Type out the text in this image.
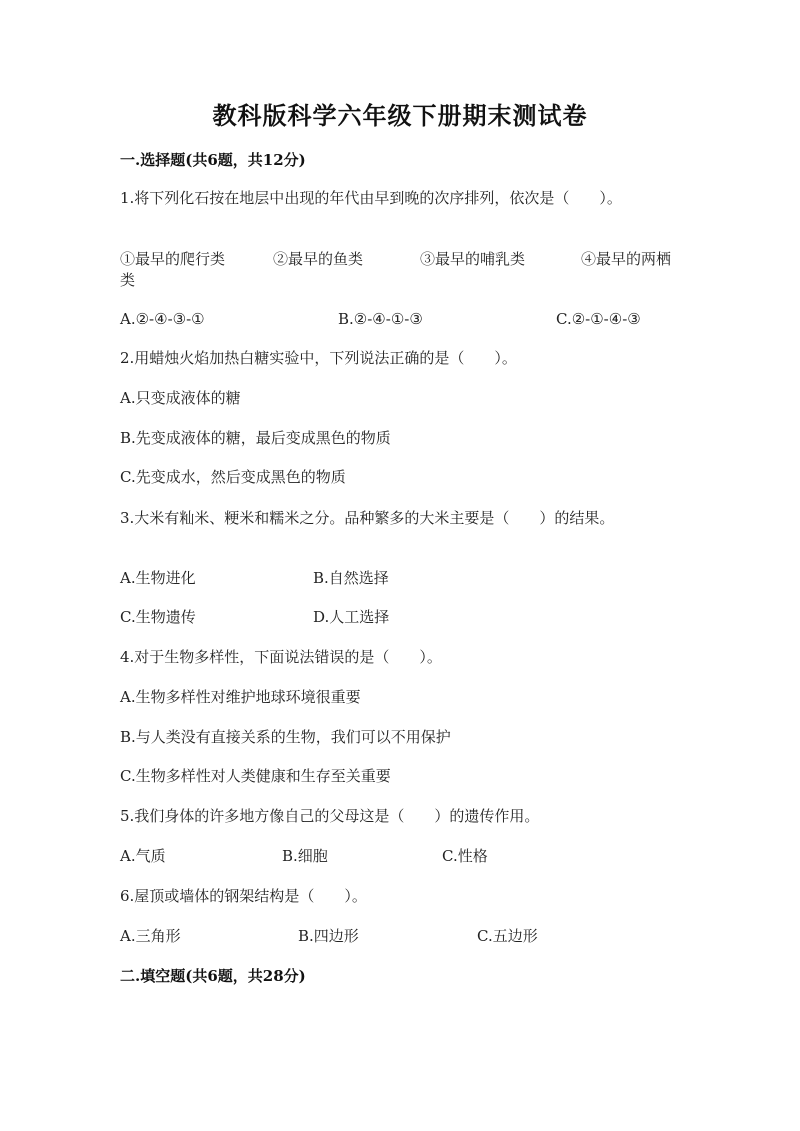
教科版科学六年级下册期末测试卷
一.选择题(共6题，共12分)
1.将下列化石按在地层中出现的年代由早到晚的次序排列，依次是（　　）。
①最早的爬行类	②最早的鱼类	③最早的哺乳类	④最早的两栖
类
A.②-④-③-①	B.②-④-①-③	C.②-①-④-③
2.用蜡烛火焰加热白糖实验中，下列说法正确的是（　　）。
A.只变成液体的糖
B.先变成液体的糖，最后变成黑色的物质
C.先变成水，然后变成黑色的物质
3.大米有籼米、粳米和糯米之分。品种繁多的大米主要是（　　）的结果。
A.生物进化	B.自然选择
C.生物遗传	D.人工选择
4.对于生物多样性，下面说法错误的是（　　）。
A.生物多样性对维护地球环境很重要
B.与人类没有直接关系的生物，我们可以不用保护
C.生物多样性对人类健康和生存至关重要
5.我们身体的许多地方像自己的父母这是（　　）的遗传作用。
A.气质	B.细胞	C.性格
6.屋顶或墙体的钢架结构是（　　）。
A.三角形	B.四边形	C.五边形
二.填空题(共6题，共28分)
